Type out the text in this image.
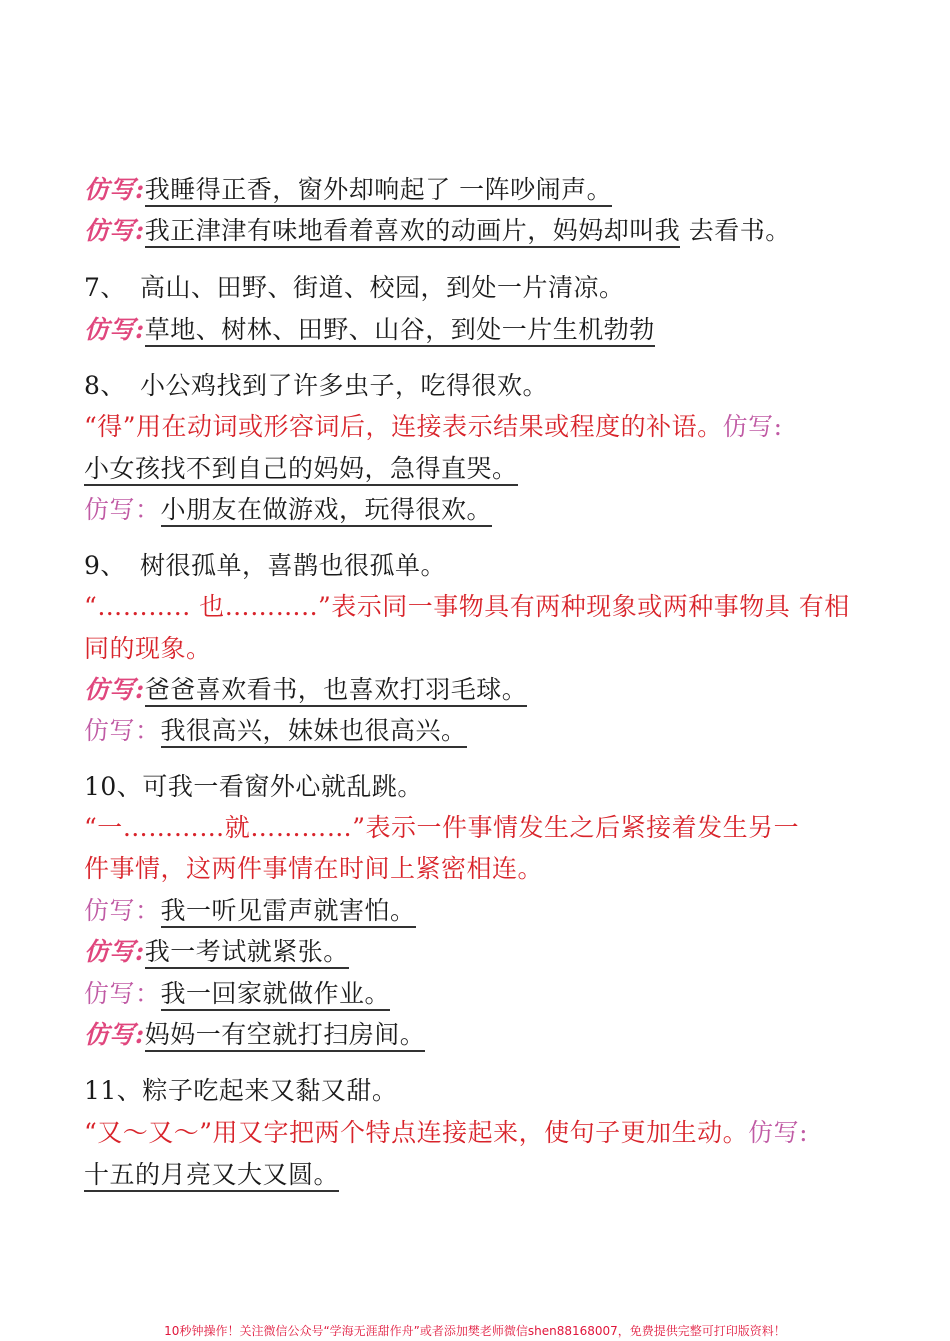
仿写:我睡得正香，窗外却响起了 一阵吵闹声。
仿写:我正津津有味地看着喜欢的动画片，妈妈却叫我 去看书。
7、 高山、田野、街道、校园，到处一片清凉。
仿写:草地、树林、田野、山谷，到处一片生机勃勃
8、 小公鸡找到了许多虫子，吃得很欢。
“得”用在动词或形容词后，连接表示结果或程度的补语。仿写:
小女孩找不到自己的妈妈，急得直哭。
仿写：小朋友在做游戏，玩得很欢。
9、 树很孤单，喜鹊也很孤单。
“……….. 也………..”表示同一事物具有两种现象或两种事物具 有相
同的现象。
仿写:爸爸喜欢看书，也喜欢打羽毛球。
仿写：我很高兴，妹妹也很高兴。
10、可我一看窗外心就乱跳。
“一…………就…………”表示一件事情发生之后紧接着发生另一
件事情，这两件事情在时间上紧密相连。
仿写：我一听见雷声就害怕。
仿写:我一考试就紧张。
仿写：我一回家就做作业。
仿写:妈妈一有空就打扫房间。
11、粽子吃起来又黏又甜。
“又～又～”用又字把两个特点连接起来，使句子更加生动。仿写:
十五的月亮又大又圆。
10秒钟操作！关注微信公众号“学海无涯甜作舟”或者添加樊老师微信shen88168007，免费提供完整可打印版资料！
